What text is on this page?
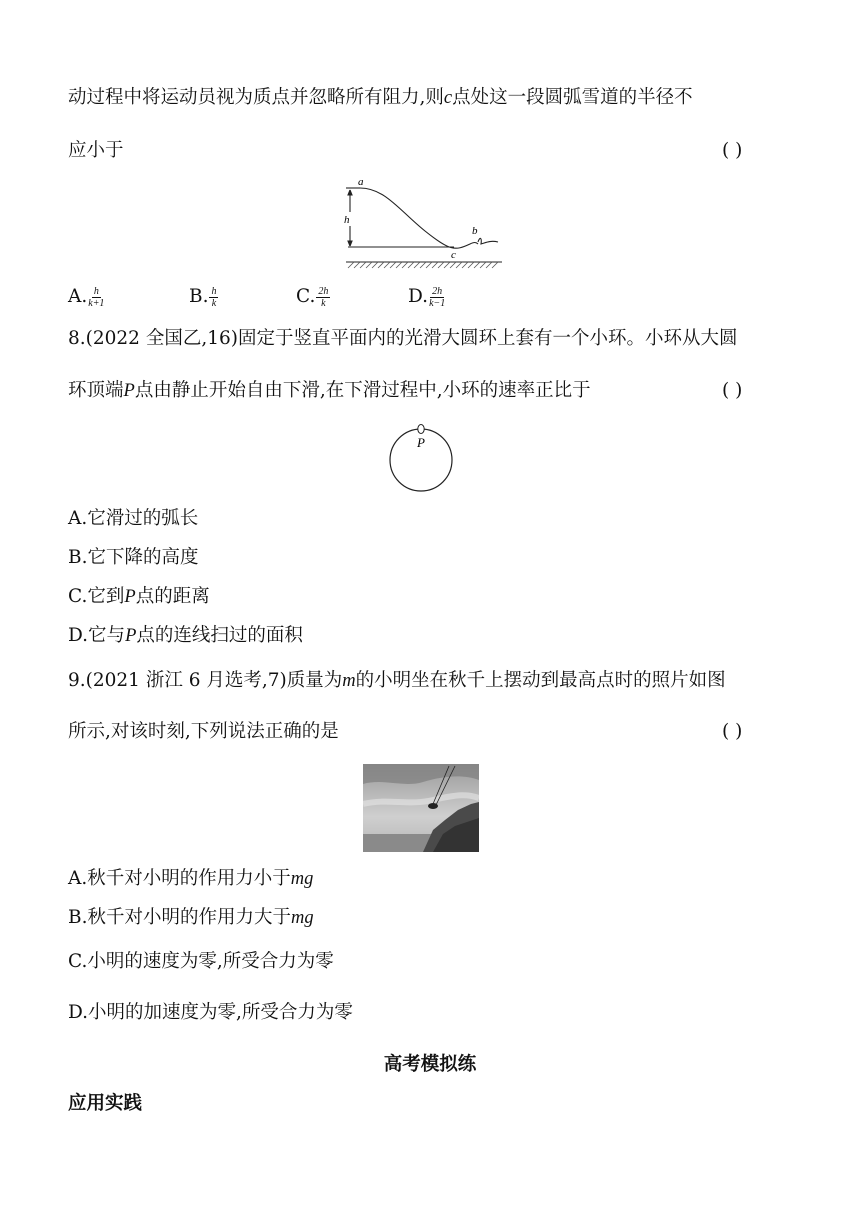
动过程中将运动员视为质点并忽略所有阻力,则c点处这一段圆弧雪道的半径不
应小于	( )
a
h
b
c
A. $\frac{h}{k+1}$	B. $\frac{h}{k}$	C. $\frac{2h}{k}$	D. $\frac{2h}{k-1}$
8.(2022 全国乙,16)固定于竖直平面内的光滑大圆环上套有一个小环。小环从大圆
环顶端P点由静止开始自由下滑,在下滑过程中,小环的速率正比于	( )
P
A.它滑过的弧长
B.它下降的高度
C.它到P点的距离
D.它与P点的连线扫过的面积
9.(2021 浙江 6 月选考,7)质量为m的小明坐在秋千上摆动到最高点时的照片如图
所示,对该时刻,下列说法正确的是	( )
A.秋千对小明的作用力小于mg
B.秋千对小明的作用力大于mg
C.小明的速度为零,所受合力为零
D.小明的加速度为零,所受合力为零
高考模拟练
应用实践
